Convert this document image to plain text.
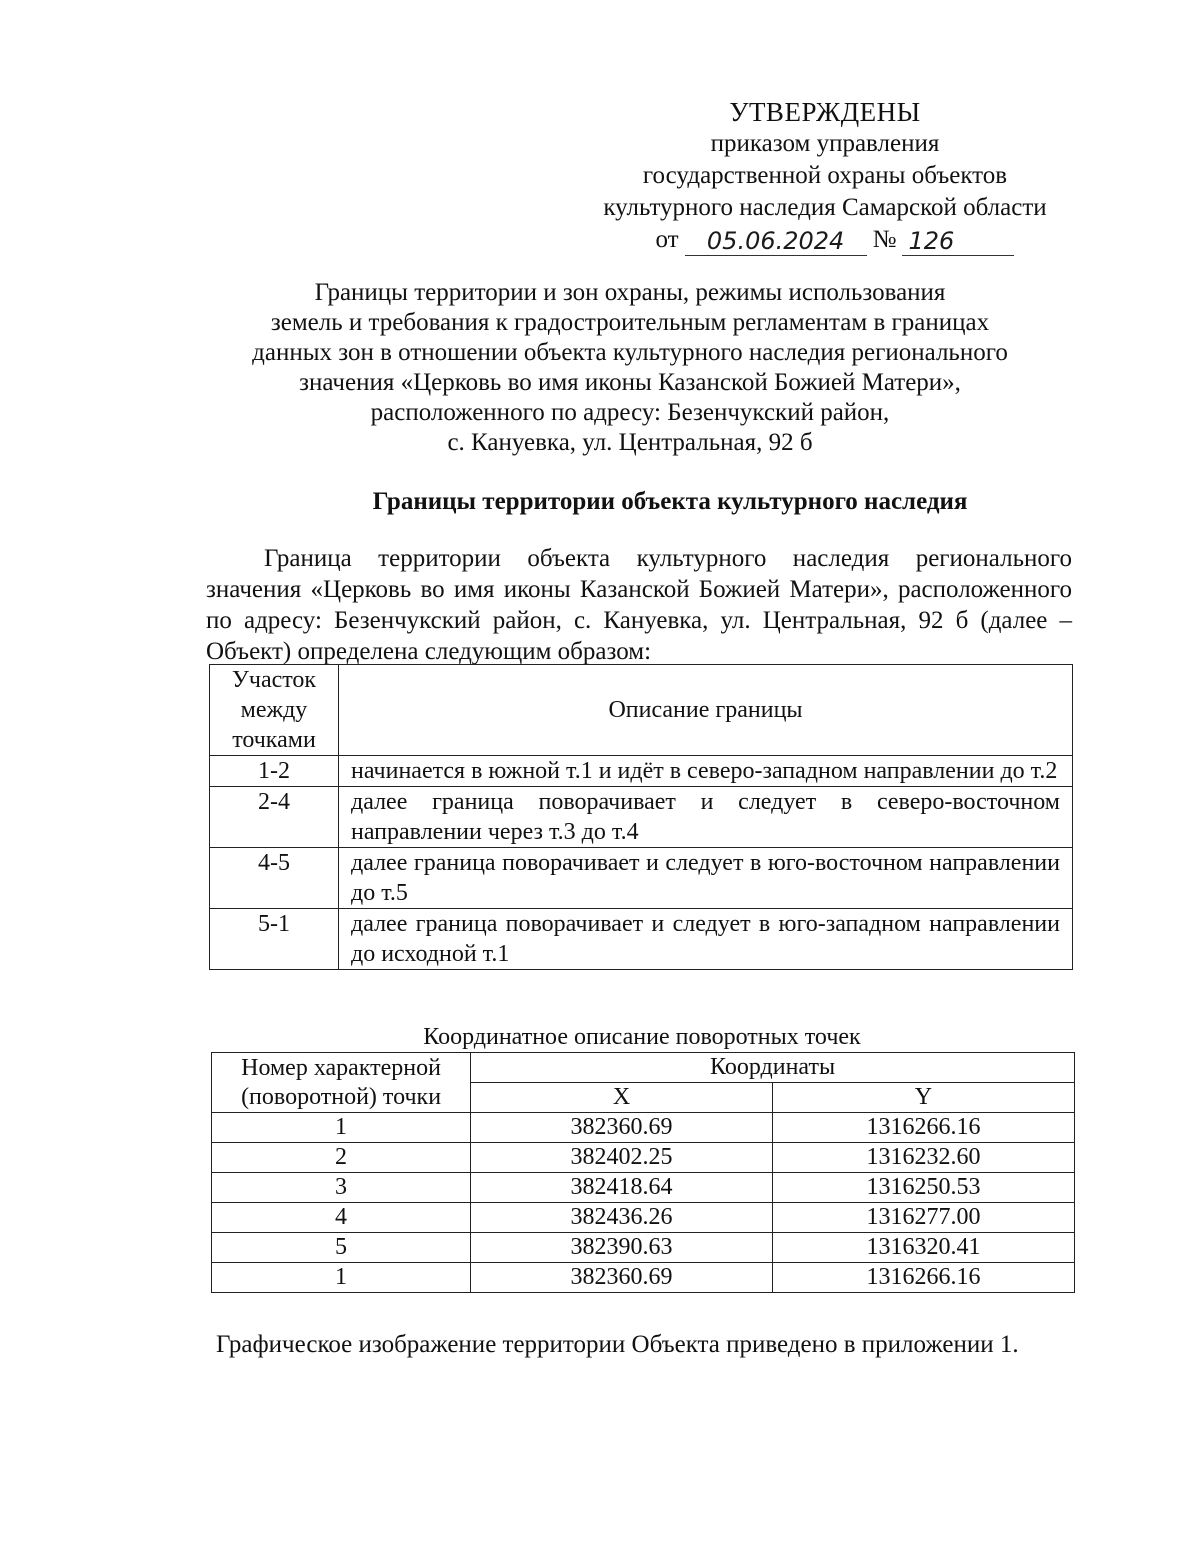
УТВЕРЖДЕНЫ
приказом управления
государственной охраны объектов
культурного наследия Самарской области
от	05.06.2024	№ 126
Границы территории и зон охраны, режимы использования
земель и требования к градостроительным регламентам в границах
данных зон в отношении объекта культурного наследия регионального
значения «Церковь во имя иконы Казанской Божией Матери»,
расположенного по адресу: Безенчукский район,
с. Кануевка, ул. Центральная, 92 б
Границы территории объекта культурного наследия
Граница территории объекта культурного наследия регионального значения «Церковь во имя иконы Казанской Божией Матери», расположенного по адресу: Безенчукский район, с. Кануевка, ул. Центральная, 92 б (далее – Объект) определена следующим образом:
Участок между точками	Описание границы
1-2	начинается в южной т.1 и идёт в северо-западном направлении до т.2
2-4	далее граница поворачивает и следует в северо-восточном направлении через т.3 до т.4
4-5	далее граница поворачивает и следует в юго-восточном направлении до т.5
5-1	далее граница поворачивает и следует в юго-западном направлении до исходной т.1
Координатное описание поворотных точек
Номер характерной (поворотной) точки	Координаты	
	X	Y
1	382360.69	1316266.16
2	382402.25	1316232.60
3	382418.64	1316250.53
4	382436.26	1316277.00
5	382390.63	1316320.41
1	382360.69	1316266.16
Графическое изображение территории Объекта приведено в приложении 1.
